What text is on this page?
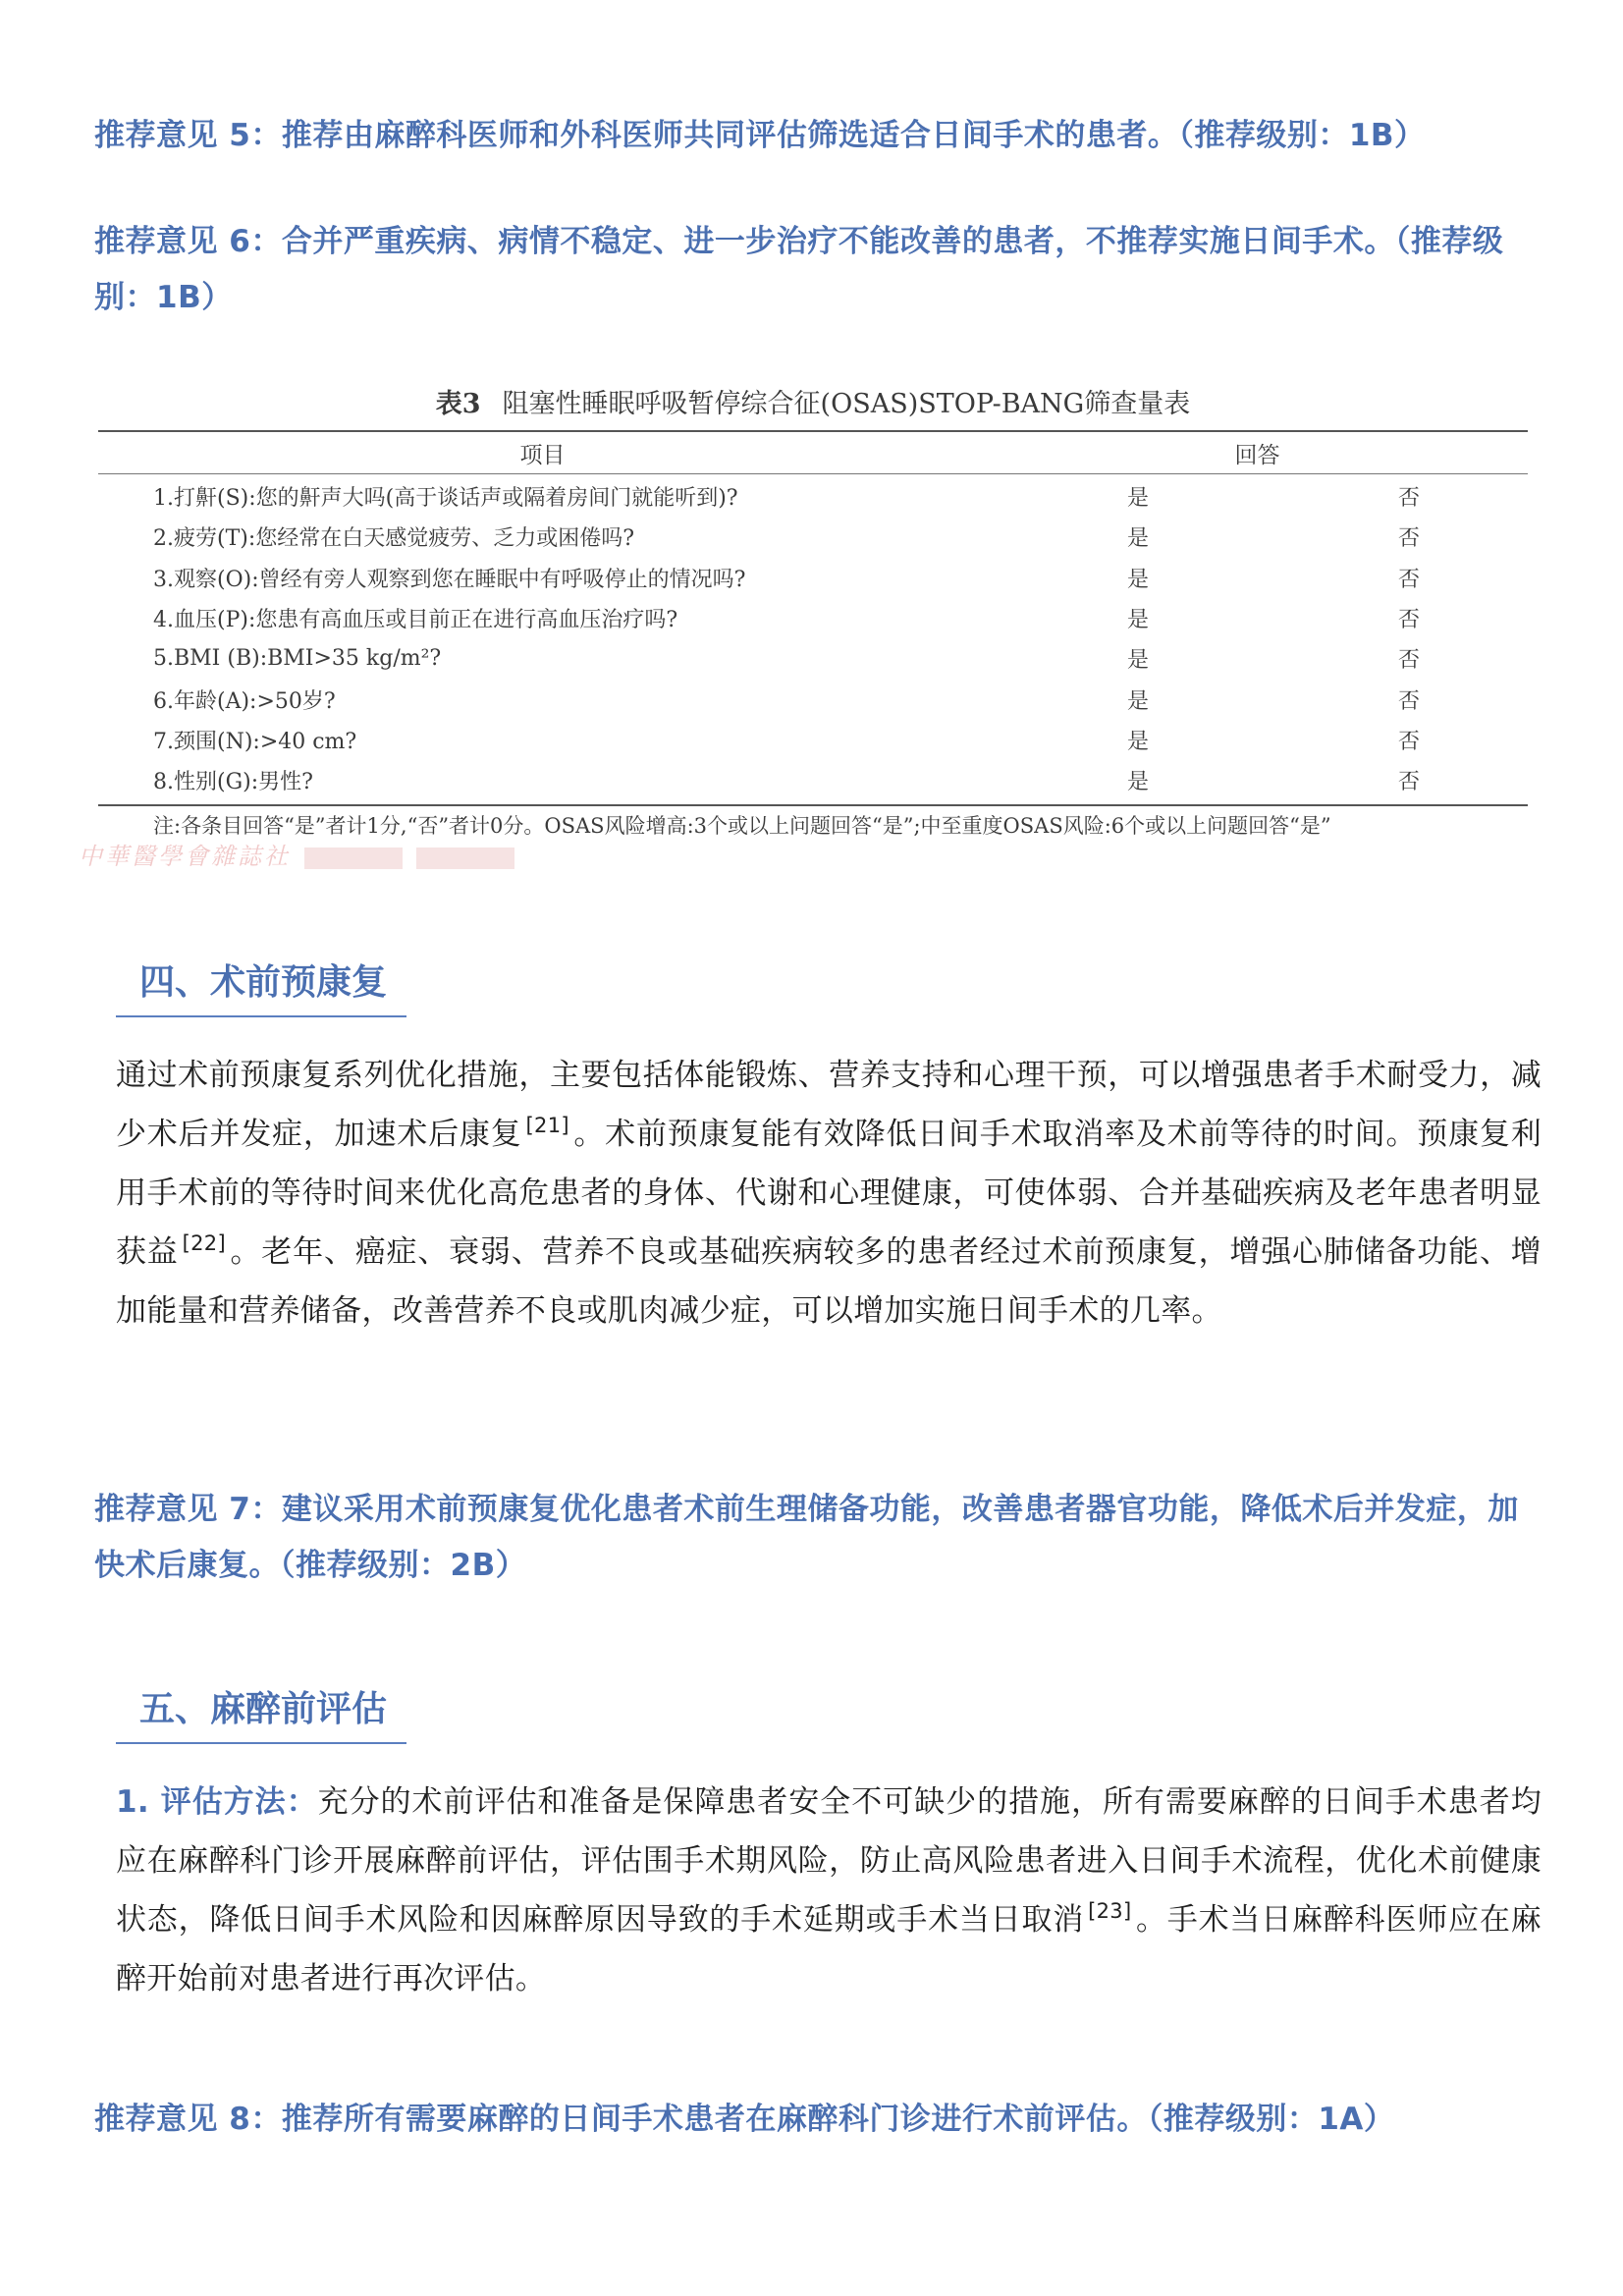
推荐意见 5：推荐由麻醉科医师和外科医师共同评估筛选适合日间手术的患者。（推荐级别：1B）
推荐意见 6：合并严重疾病、病情不稳定、进一步治疗不能改善的患者，不推荐实施日间手术。（推荐级别：1B）
表3 阻塞性睡眠呼吸暂停综合征(OSAS)STOP-BANG筛查量表
项目	回答
1.打鼾(S):您的鼾声大吗(高于谈话声或隔着房间门就能听到)?	是	否
2.疲劳(T):您经常在白天感觉疲劳、乏力或困倦吗?	是	否
3.观察(O):曾经有旁人观察到您在睡眠中有呼吸停止的情况吗?	是	否
4.血压(P):您患有高血压或目前正在进行高血压治疗吗?	是	否
5.BMI (B):BMI>35 kg/m²?	是	否
6.年龄(A):>50岁?	是	否
7.颈围(N):>40 cm?	是	否
8.性别(G):男性?	是	否
注:各条目回答“是”者计1分,“否”者计0分。OSAS风险增高:3个或以上问题回答“是”;中至重度OSAS风险:6个或以上问题回答“是”
中華醫學會雜誌社
四、术前预康复
通过术前预康复系列优化措施，主要包括体能锻炼、营养支持和心理干预，可以增强患者手术耐受力，减少术后并发症，加速术后康复 [21] 。术前预康复能有效降低日间手术取消率及术前等待的时间。预康复利用手术前的等待时间来优化高危患者的身体、代谢和心理健康，可使体弱、合并基础疾病及老年患者明显获益 [22] 。老年、癌症、衰弱、营养不良或基础疾病较多的患者经过术前预康复，增强心肺储备功能、增加能量和营养储备，改善营养不良或肌肉减少症，可以增加实施日间手术的几率。
推荐意见 7：建议采用术前预康复优化患者术前生理储备功能，改善患者器官功能，降低术后并发症，加快术后康复。（推荐级别：2B）
五、麻醉前评估
1. 评估方法：充分的术前评估和准备是保障患者安全不可缺少的措施，所有需要麻醉的日间手术患者均应在麻醉科门诊开展麻醉前评估，评估围手术期风险，防止高风险患者进入日间手术流程，优化术前健康状态，降低日间手术风险和因麻醉原因导致的手术延期或手术当日取消 [23] 。手术当日麻醉科医师应在麻醉开始前对患者进行再次评估。
推荐意见 8：推荐所有需要麻醉的日间手术患者在麻醉科门诊进行术前评估。（推荐级别：1A）
